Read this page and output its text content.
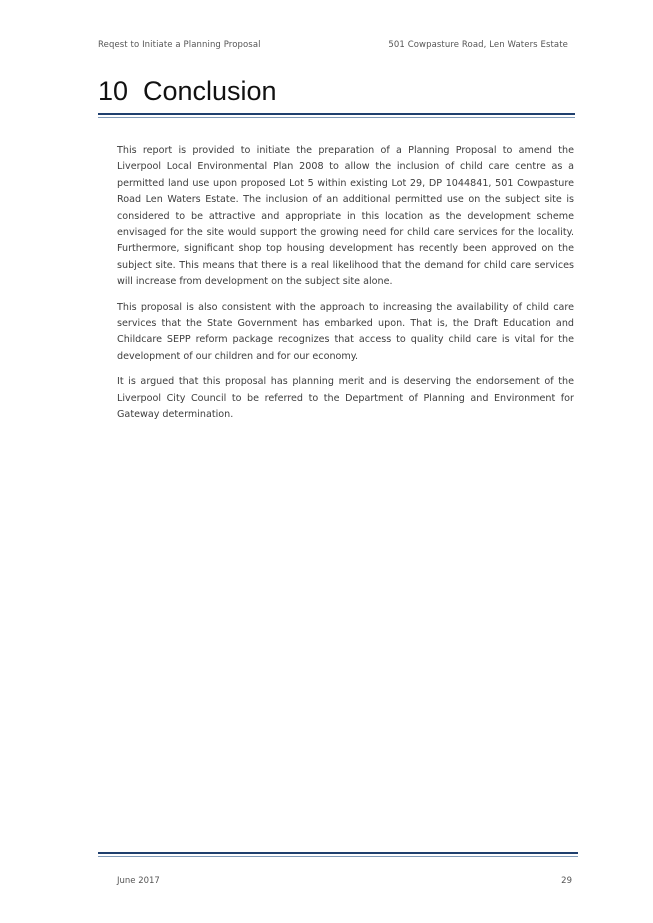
Reqest to Initiate a Planning Proposal	501 Cowpasture Road, Len Waters Estate
10 Conclusion

This report is provided to initiate the preparation of a Planning Proposal to amend the Liverpool Local Environmental Plan 2008 to allow the inclusion of child care centre as a permitted land use upon proposed Lot 5 within existing Lot 29, DP 1044841, 501 Cowpasture Road Len Waters Estate. The inclusion of an additional permitted use on the subject site is considered to be attractive and appropriate in this location as the development scheme envisaged for the site would support the growing need for child care services for the locality. Furthermore, significant shop top housing development has recently been approved on the subject site. This means that there is a real likelihood that the demand for child care services will increase from development on the subject site alone.

This proposal is also consistent with the approach to increasing the availability of child care services that the State Government has embarked upon. That is, the Draft Education and Childcare SEPP reform package recognizes that access to quality child care is vital for the development of our children and for our economy.

It is argued that this proposal has planning merit and is deserving the endorsement of the Liverpool City Council to be referred to the Department of Planning and Environment for Gateway determination.

June 2017	29
